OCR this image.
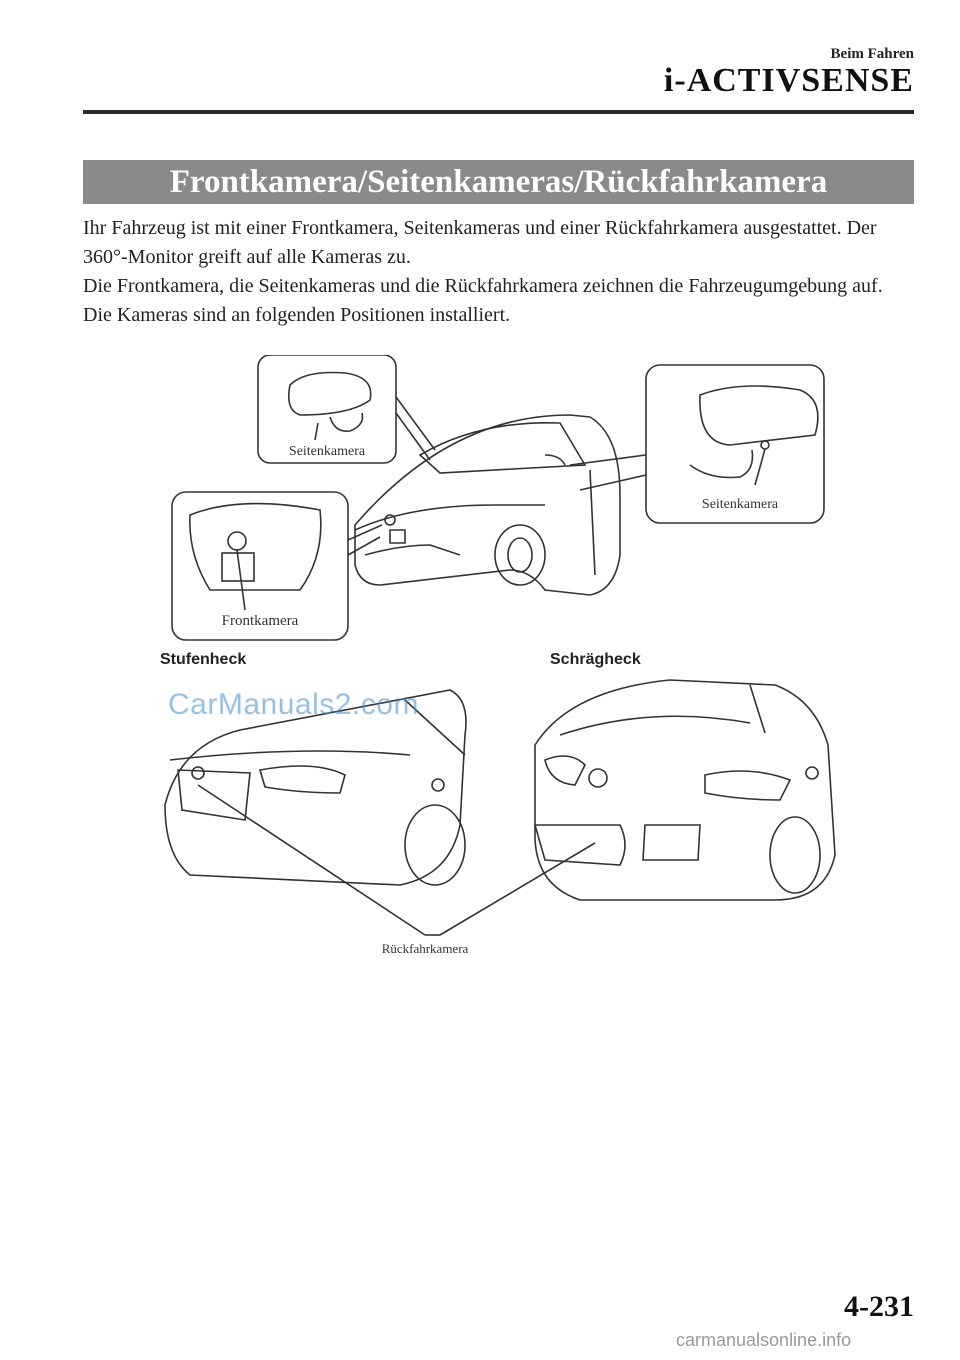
Beim Fahren
i-ACTIVSENSE
Frontkamera/Seitenkameras/Rückfahrkamera

Ihr Fahrzeug ist mit einer Frontkamera, Seitenkameras und einer Rückfahrkamera ausgestattet. Der 360°-Monitor greift auf alle Kameras zu.

Die Frontkamera, die Seitenkameras und die Rückfahrkamera zeichnen die Fahrzeugumgebung auf.

Die Kameras sind an folgenden Positionen installiert.

Seitenkamera
Seitenkamera
Frontkamera
Stufenheck	Schrägheck
Rückfahrkamera
4-231
CarManuals2.com
carmanualsonline.info
